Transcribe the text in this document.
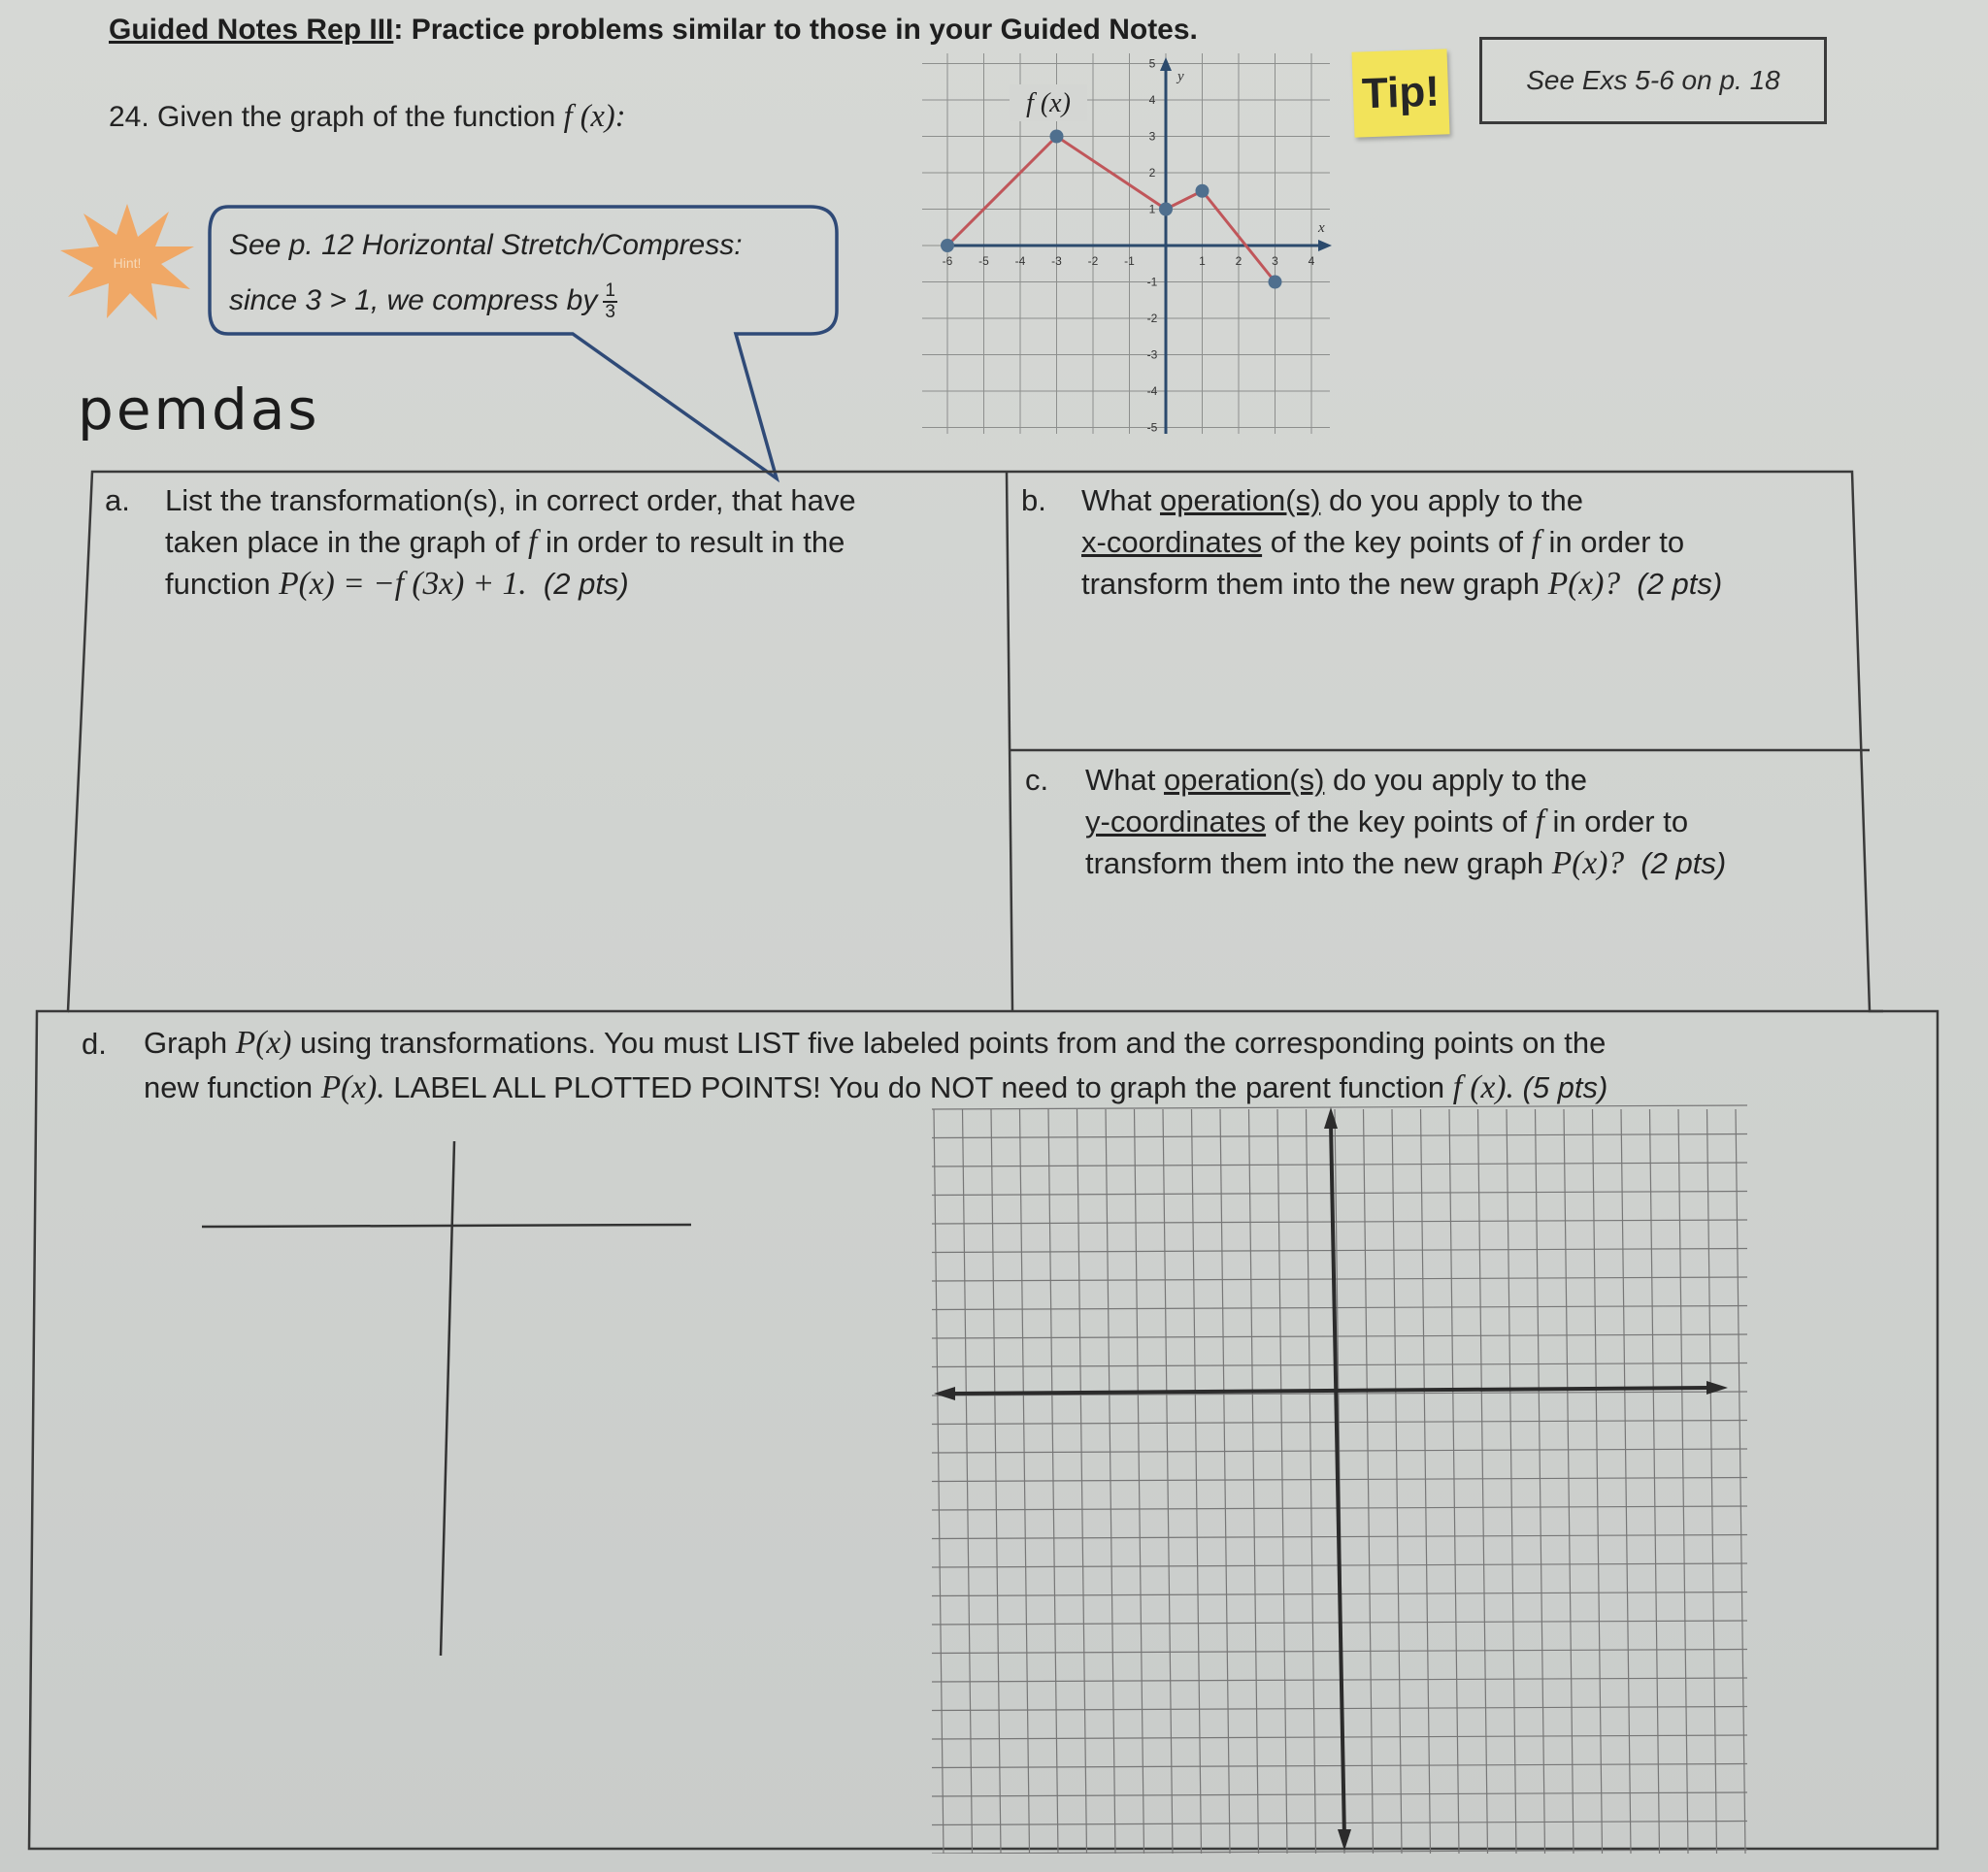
Guided Notes Rep III: Practice problems similar to those in your Guided Notes.
24. Given the graph of the function f (x):	Tip!	See Exs 5-6 on p. 18
Hint!
See p. 12 Horizontal Stretch/Compress:
since 3 > 1, we compress by $\frac{1}{3}$
pemdas
-6 -5 -4 -3 -2 -1	1	2	3	4
5
4
3
2
1
-1
-2
-3
-4
-5
x
y
f (x)
a. List the transformation(s), in correct order, that have
taken place in the graph of f in order to result in the
function P(x) = −f (3x) + 1. (2 pts)
b. What operation(s) do you apply to the
x-coordinates of the key points of f in order to
transform them into the new graph P(x)? (2 pts)
c. What operation(s) do you apply to the
y-coordinates of the key points of f in order to
transform them into the new graph P(x)? (2 pts)
d. Graph P(x) using transformations. You must LIST five labeled points from and the corresponding points on the
new function P(x). LABEL ALL PLOTTED POINTS! You do NOT need to graph the parent function f (x). (5 pts)
